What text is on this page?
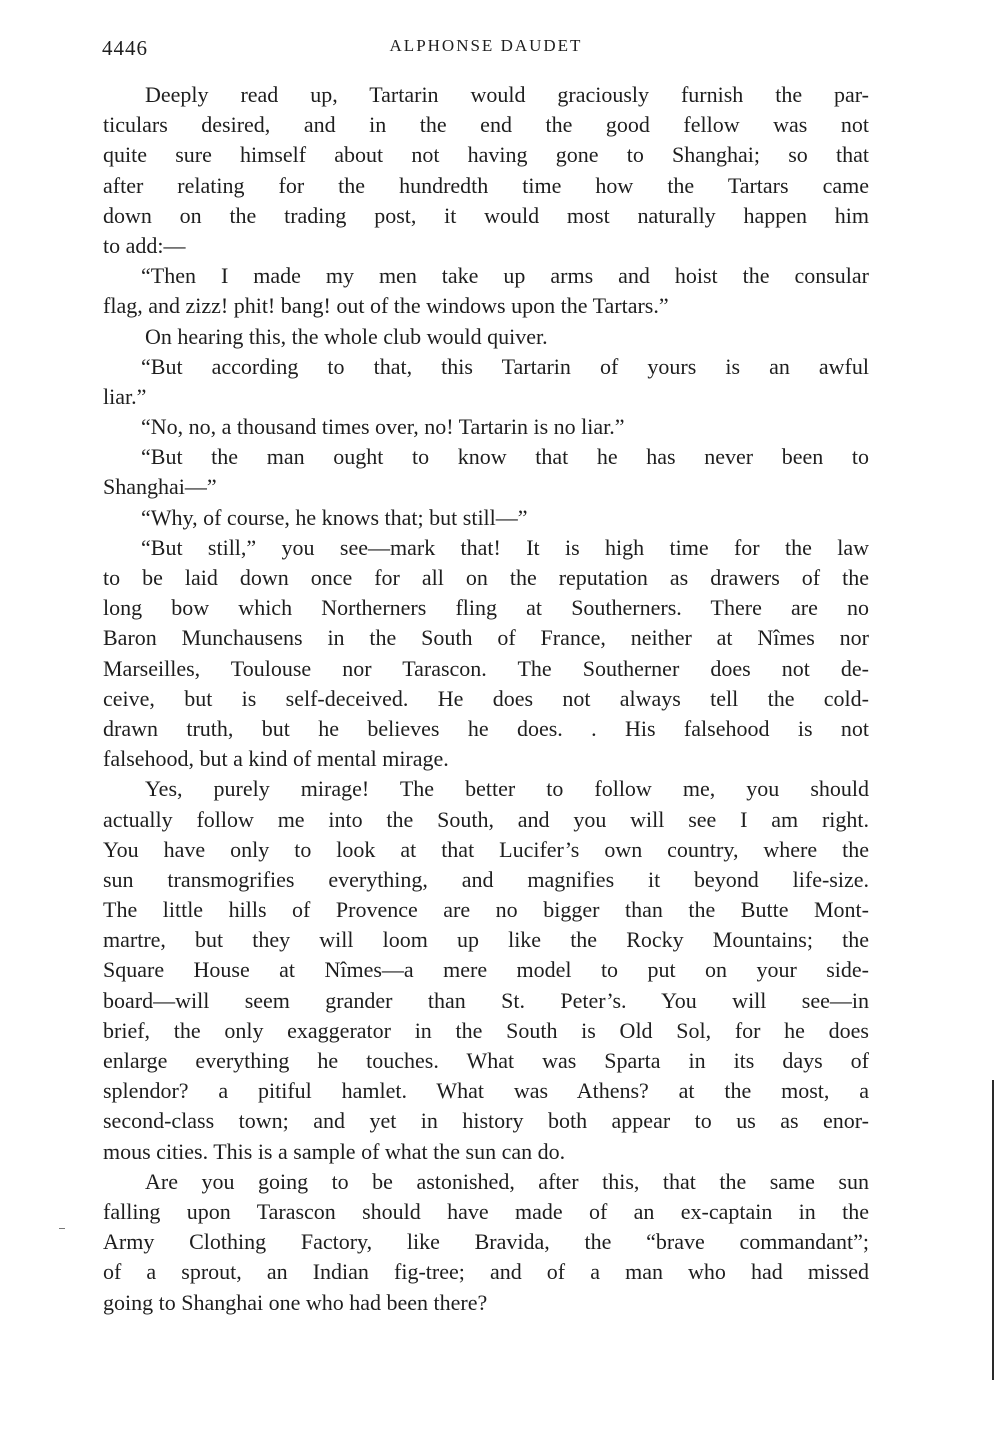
4446	ALPHONSE DAUDET
Deeply read up, Tartarin would graciously furnish the par-
ticulars desired, and in the end the good fellow was not
quite sure himself about not having gone to Shanghai; so that
after relating for the hundredth time how the Tartars came
down on the trading post, it would most naturally happen him
to add:—
“Then I made my men take up arms and hoist the consular
flag, and zizz! phit! bang! out of the windows upon the Tartars.”
On hearing this, the whole club would quiver.
“But according to that, this Tartarin of yours is an awful
liar.”
“No, no, a thousand times over, no! Tartarin is no liar.”
“But the man ought to know that he has never been to
Shanghai—”
“Why, of course, he knows that; but still—”
“But still,” you see—mark that! It is high time for the law
to be laid down once for all on the reputation as drawers of the
long bow which Northerners fling at Southerners. There are no
Baron Munchausens in the South of France, neither at Nîmes nor
Marseilles, Toulouse nor Tarascon. The Southerner does not de-
ceive, but is self-deceived. He does not always tell the cold-
drawn truth, but he believes he does. . His falsehood is not
falsehood, but a kind of mental mirage.
Yes, purely mirage! The better to follow me, you should
actually follow me into the South, and you will see I am right.
You have only to look at that Lucifer’s own country, where the
sun transmogrifies everything, and magnifies it beyond life-size.
The little hills of Provence are no bigger than the Butte Mont-
martre, but they will loom up like the Rocky Mountains; the
Square House at Nîmes—a mere model to put on your side-
board—will seem grander than St. Peter’s. You will see—in
brief, the only exaggerator in the South is Old Sol, for he does
enlarge everything he touches. What was Sparta in its days of
splendor? a pitiful hamlet. What was Athens? at the most, a
second-class town; and yet in history both appear to us as enor-
mous cities. This is a sample of what the sun can do.
Are you going to be astonished, after this, that the same sun
falling upon Tarascon should have made of an ex-captain in the
Army Clothing Factory, like Bravida, the “brave commandant”;
of a sprout, an Indian fig-tree; and of a man who had missed
going to Shanghai one who had been there?
